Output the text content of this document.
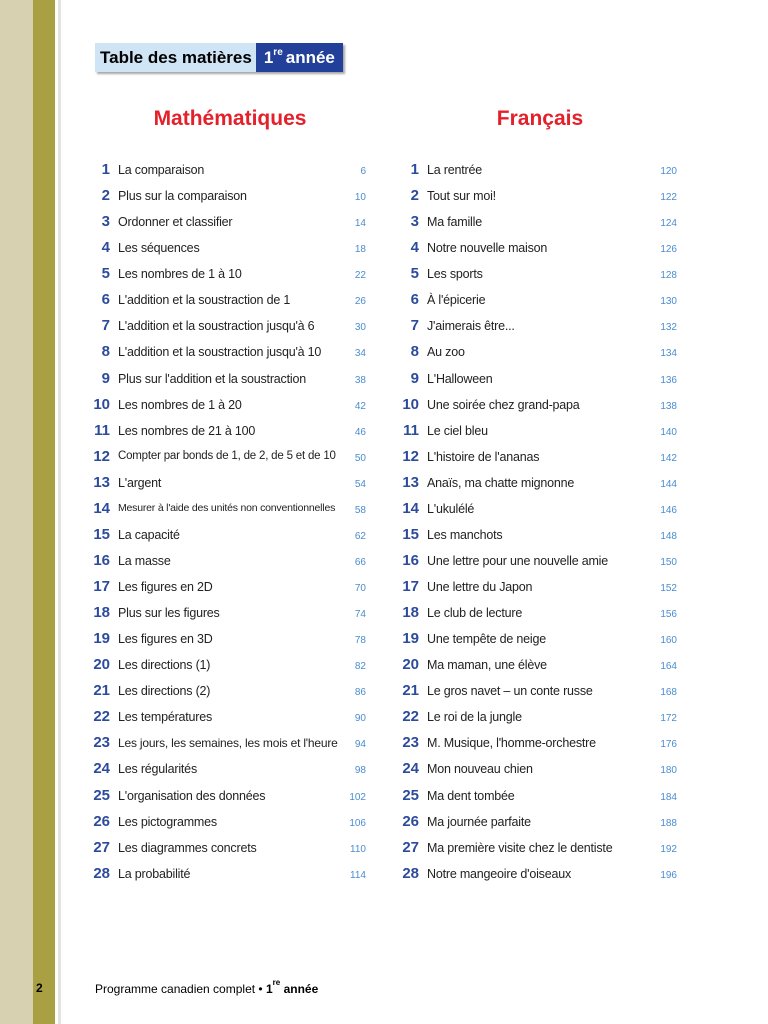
Table des matières 1re année
Mathématiques	Français
1 La comparaison	6
2 Plus sur la comparaison	10
3 Ordonner et classifier	14
4 Les séquences	18
5 Les nombres de 1 à 10	22
6 L'addition et la soustraction de 1	26
7 L'addition et la soustraction jusqu'à 6	30
8 L'addition et la soustraction jusqu'à 10	34
9 Plus sur l'addition et la soustraction	38
10 Les nombres de 1 à 20	42
11 Les nombres de 21 à 100	46
12 Compter par bonds de 1, de 2, de 5 et de 10 50
13 L'argent	54
14 Mesurer à l'aide des unités non conventionnelles 58
15 La capacité	62
16 La masse	66
17 Les figures en 2D	70
18 Plus sur les figures	74
19 Les figures en 3D	78
20 Les directions (1)	82
21 Les directions (2)	86
22 Les températures	90
23 Les jours, les semaines, les mois et l'heure 94
24 Les régularités	98
25 L'organisation des données	102
26 Les pictogrammes	106
27 Les diagrammes concrets	110
28 La probabilité	114
1 La rentrée	120
2 Tout sur moi!	122
3 Ma famille	124
4 Notre nouvelle maison	126
5 Les sports	128
6 À l'épicerie	130
7 J'aimerais être...	132
8 Au zoo	134
9 L'Halloween	136
10 Une soirée chez grand-papa	138
11 Le ciel bleu	140
12 L'histoire de l'ananas	142
13 Anaïs, ma chatte mignonne	144
14 L'ukulélé	146
15 Les manchots	148
16 Une lettre pour une nouvelle amie	150
17 Une lettre du Japon	152
18 Le club de lecture	156
19 Une tempête de neige	160
20 Ma maman, une élève	164
21 Le gros navet – un conte russe	168
22 Le roi de la jungle	172
23 M. Musique, l'homme-orchestre	176
24 Mon nouveau chien	180
25 Ma dent tombée	184
26 Ma journée parfaite	188
27 Ma première visite chez le dentiste	192
28 Notre mangeoire d'oiseaux	196
2	Programme canadien complet • 1re année
